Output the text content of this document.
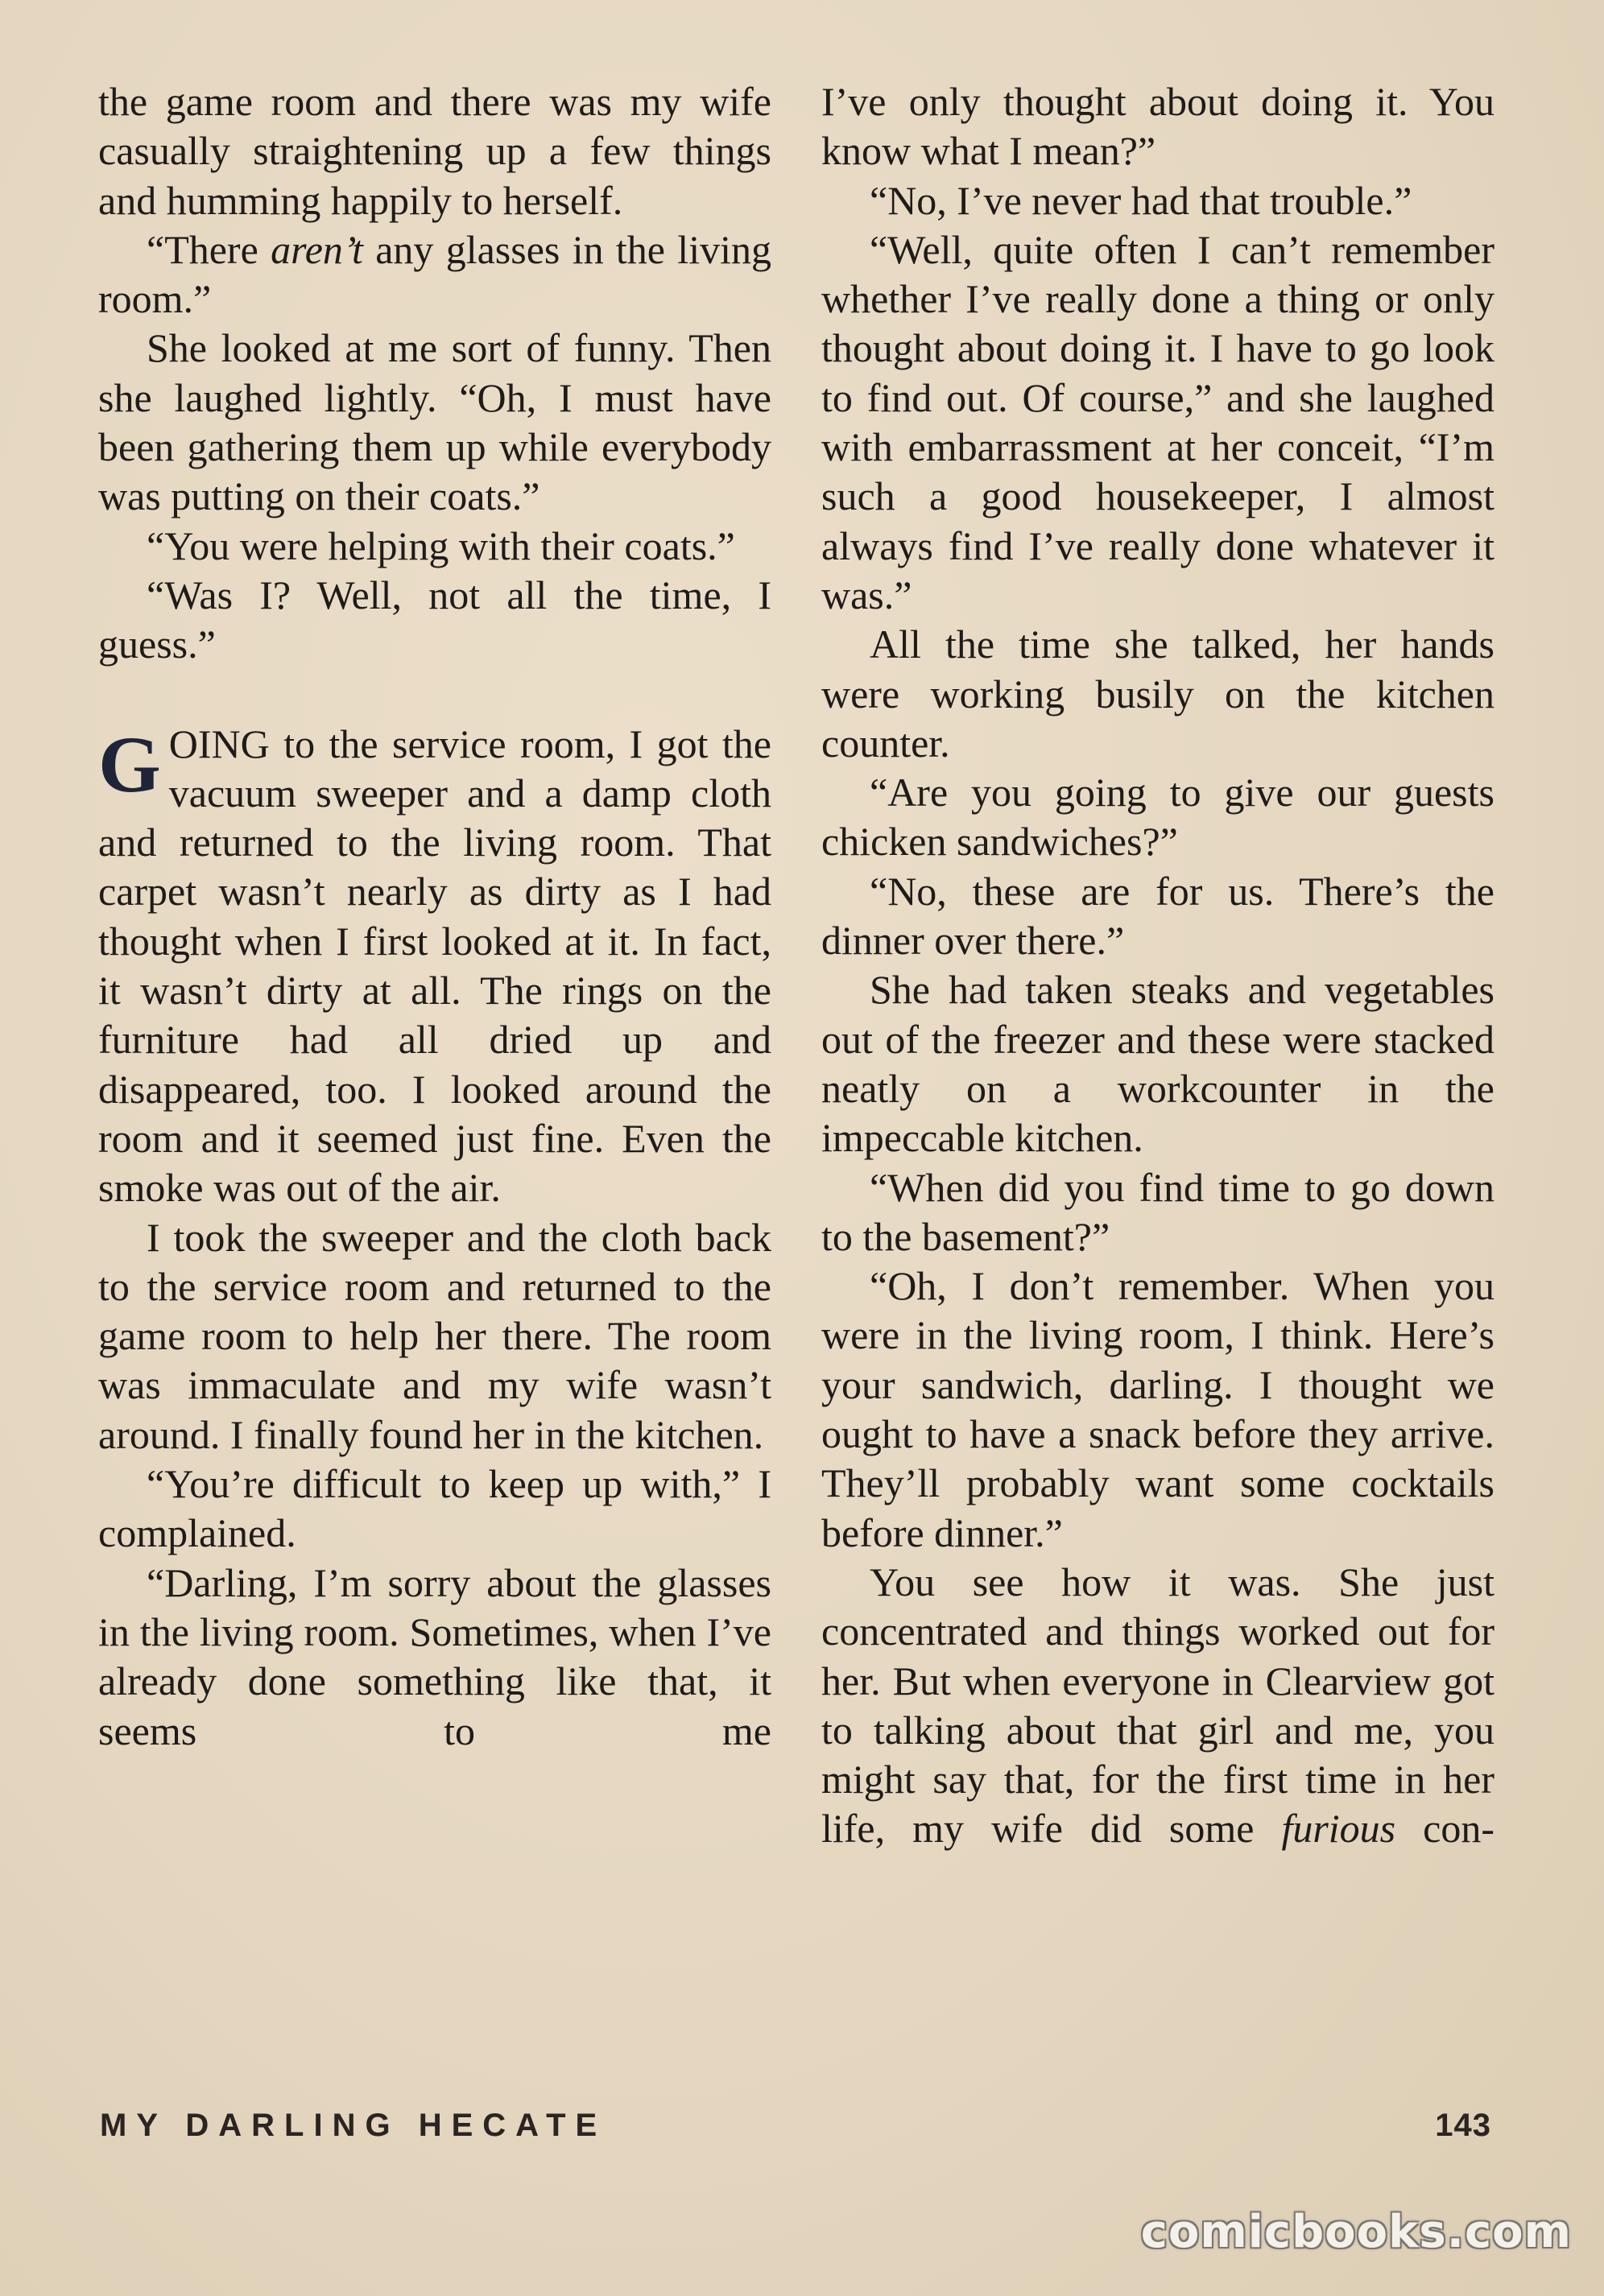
the game room and there was my wife casually straightening up a few things and humming happily to herself.

“There aren’t any glasses in the living room.”

She looked at me sort of funny. Then she laughed lightly. “Oh, I must have been gathering them up while everybody was putting on their coats.”

“You were helping with their coats.”

“Was I? Well, not all the time, I guess.”

GOING to the service room, I got the vacuum sweeper and a damp cloth and returned to the living room. That carpet wasn’t nearly as dirty as I had thought when I first looked at it. In fact, it wasn’t dirty at all. The rings on the furniture had all dried up and disappeared, too. I looked around the room and it seemed just fine. Even the smoke was out of the air.

I took the sweeper and the cloth back to the service room and returned to the game room to help her there. The room was immaculate and my wife wasn’t around. I finally found her in the kitchen.

“You’re difficult to keep up with,” I complained.

“Darling, I’m sorry about the glasses in the living room. Sometimes, when I’ve already done something like that, it seems to me

I’ve only thought about doing it. You know what I mean?”

“No, I’ve never had that trouble.”

“Well, quite often I can’t remember whether I’ve really done a thing or only thought about doing it. I have to go look to find out. Of course,” and she laughed with embarrassment at her conceit, “I’m such a good housekeeper, I almost always find I’ve really done whatever it was.”

All the time she talked, her hands were working busily on the kitchen counter.

“Are you going to give our guests chicken sandwiches?”

“No, these are for us. There’s the dinner over there.”

She had taken steaks and vegetables out of the freezer and these were stacked neatly on a workcounter in the impeccable kitchen.

“When did you find time to go down to the basement?”

“Oh, I don’t remember. When you were in the living room, I think. Here’s your sandwich, darling. I thought we ought to have a snack before they arrive. They’ll probably want some cocktails before dinner.”

You see how it was. She just concentrated and things worked out for her. But when everyone in Clearview got to talking about that girl and me, you might say that, for the first time in her life, my wife did some furious con-

MY DARLING HECATE	143
comicbooks.com
